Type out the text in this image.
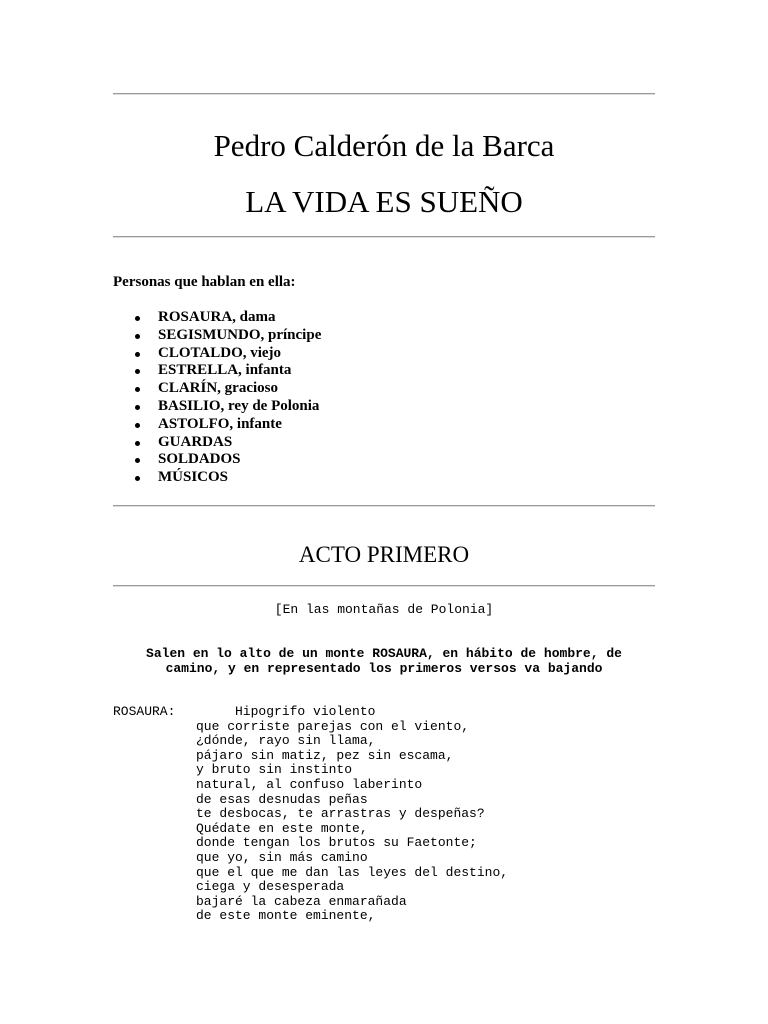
Pedro Calderón de la Barca
LA VIDA ES SUEÑO
Personas que hablan en ella:
ROSAURA, dama
SEGISMUNDO, príncipe
CLOTALDO, viejo
ESTRELLA, infanta
CLARÍN, gracioso
BASILIO, rey de Polonia
ASTOLFO, infante
GUARDAS
SOLDADOS
MÚSICOS
ACTO PRIMERO
[En las montañas de Polonia]
Salen en lo alto de un monte ROSAURA, en hábito de hombre, de
camino, y en representado los primeros versos va bajando
ROSAURA: Hipogrifo violento
que corriste parejas con el viento,
¿dónde, rayo sin llama,
pájaro sin matiz, pez sin escama,
y bruto sin instinto
natural, al confuso laberinto
de esas desnudas peñas
te desbocas, te arrastras y despeñas?
Quédate en este monte,
donde tengan los brutos su Faetonte;
que yo, sin más camino
que el que me dan las leyes del destino,
ciega y desesperada
bajaré la cabeza enmarañada
de este monte eminente,
